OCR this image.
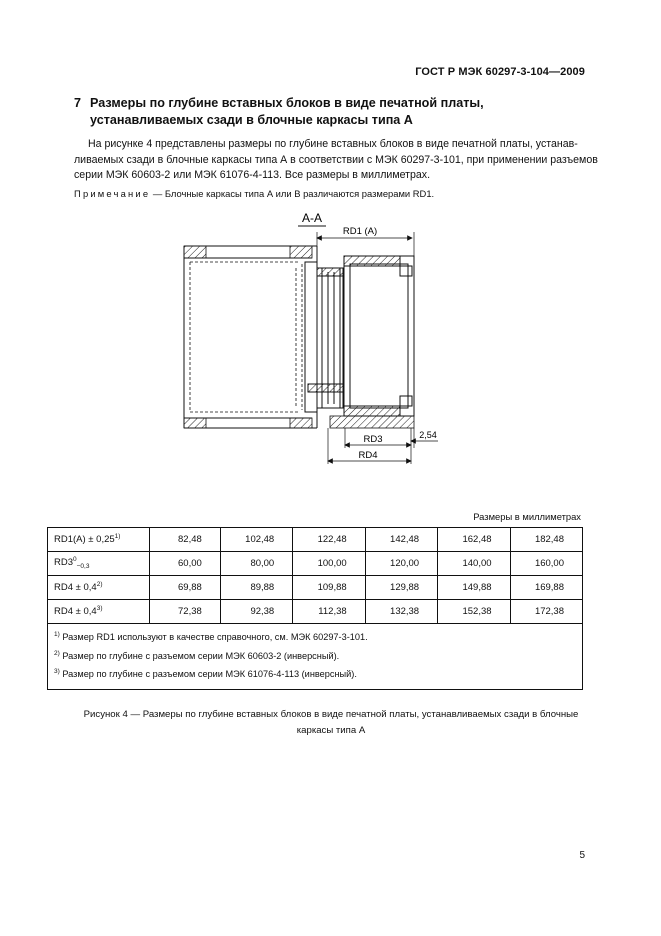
ГОСТ Р МЭК 60297-3-104—2009
7 Размеры по глубине вставных блоков в виде печатной платы,
устанавливаемых сзади в блочные каркасы типа А
На рисунке 4 представлены размеры по глубине вставных блоков в виде печатной платы, устанав-
ливаемых сзади в блочные каркасы типа А в соответствии с МЭК 60297-3-101, при применении разъемов
серии МЭК 60603-2 или МЭК 61076-4-113. Все размеры в миллиметрах.
Примечание — Блочные каркасы типа А или В различаются размерами RD1.
А-А
RD1 (А)
RD3
RD4
2,54
Размеры в миллиметрах
$RD1(A) \pm 0,25^{1)}$	82,48	102,48	122,48	142,48	162,48	182,48
$RD3^0_{-0,3}$	60,00	80,00	100,00	120,00	140,00	160,00
$RD4 \pm 0,4^{2)}$	69,88	89,88	109,88	129,88	149,88	169,88
$RD4 \pm 0,4^{3)}$	72,38	92,38	112,38	132,38	152,38	172,38

$^{1)}$ Размер RD1 используют в качестве справочного, см. МЭК 60297-3-101.
$^{2)}$ Размер по глубине с разъемом серии МЭК 60603-2 (инверсный).
$^{3)}$ Размер по глубине с разъемом серии МЭК 61076-4-113 (инверсный).						
Рисунок 4 — Размеры по глубине вставных блоков в виде печатной платы, устанавливаемых сзади в блочные
каркасы типа А
5
